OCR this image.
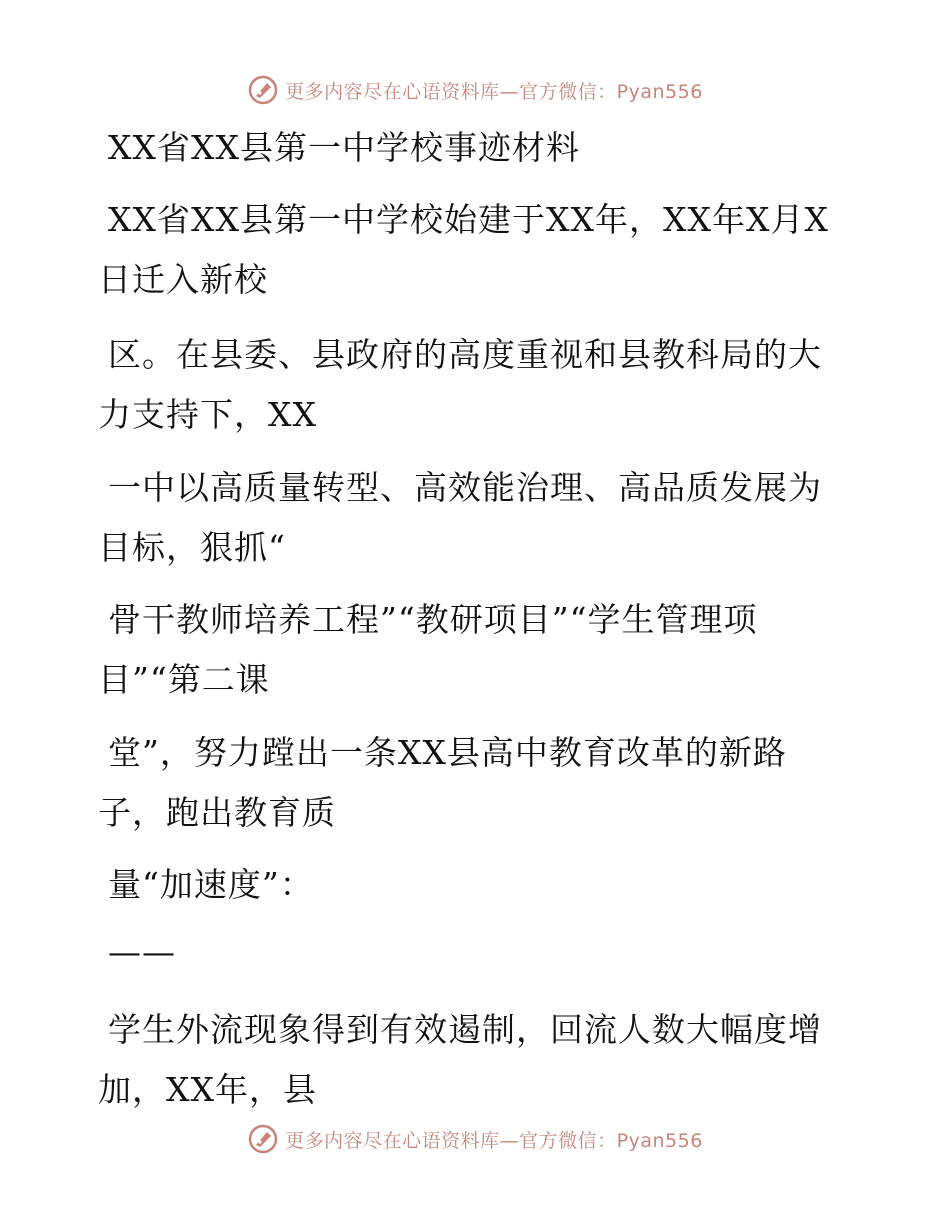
更多内容尽在心语资料库—官方微信：Pyan556
XX省XX县第一中学校事迹材料
XX省XX县第一中学校始建于XX年，XX年X月X
日迁入新校
区。在县委、县政府的高度重视和县教科局的大
力支持下，XX
一中以高质量转型、高效能治理、高品质发展为
目标，狠抓“
骨干教师培养工程”“教研项目”“学生管理项
目”“第二课
堂”，努力蹚出一条XX县高中教育改革的新路
子，跑出教育质
量“加速度”：
——
学生外流现象得到有效遏制，回流人数大幅度增
加，XX年，县
更多内容尽在心语资料库—官方微信：Pyan556
